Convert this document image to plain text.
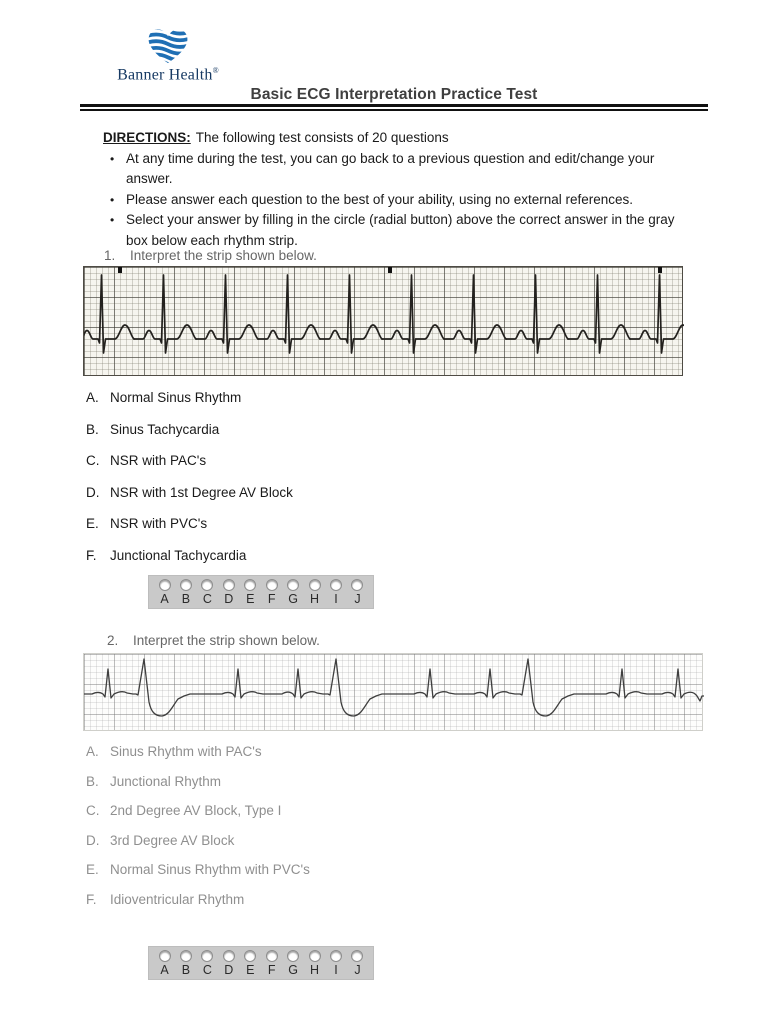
Banner Health®
Basic ECG Interpretation Practice Test
DIRECTIONS: The following test consists of 20 questions
• At any time during the test, you can go back to a previous question and edit/change your
answer.
• Please answer each question to the best of your ability, using no external references.
• Select your answer by filling in the circle (radial button) above the correct answer in the gray
box below each rhythm strip.
1. Interpret the strip shown below.
A. Normal Sinus Rhythm
B. Sinus Tachycardia
C. NSR with PAC's
D. NSR with 1st Degree AV Block
E. NSR with PVC's
F. Junctional Tachycardia
A B C D E F G H I J
2. Interpret the strip shown below.
A. Sinus Rhythm with PAC's
B. Junctional Rhythm
C. 2nd Degree AV Block, Type I
D. 3rd Degree AV Block
E. Normal Sinus Rhythm with PVC's
F. Idioventricular Rhythm
A B C D E F G H I J
